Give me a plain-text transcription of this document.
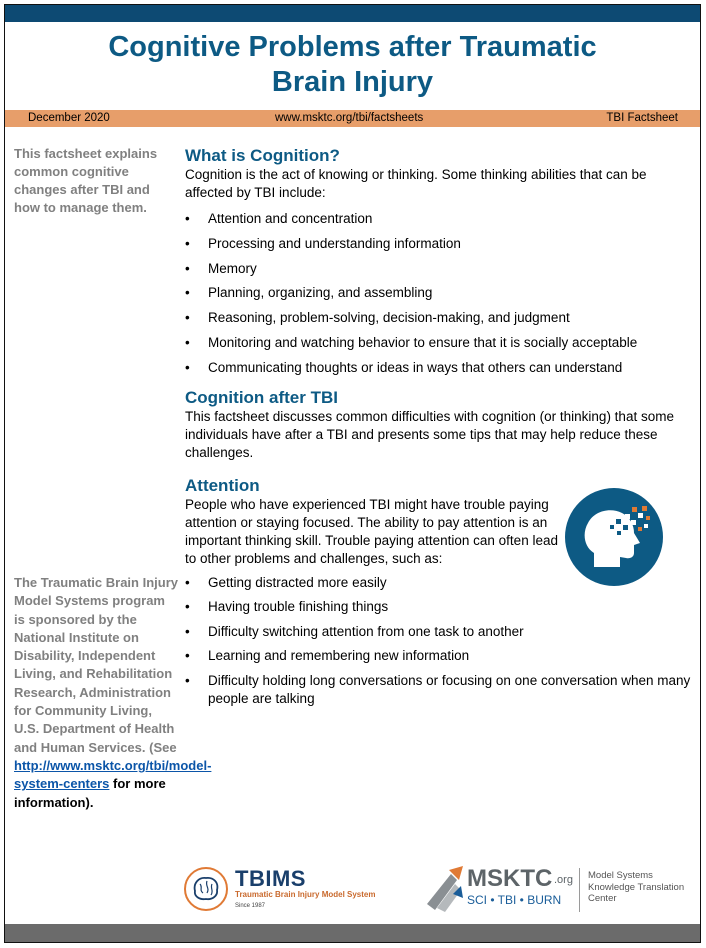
Cognitive Problems after Traumatic
Brain Injury
December 2020	www.msktc.org/tbi/factsheets	TBI Factsheet
This factsheet explains common cognitive changes after TBI and how to manage them.
The Traumatic Brain Injury Model Systems program is sponsored by the National Institute on Disability, Independent Living, and Rehabilitation Research, Administration for Community Living, U.S. Department of Health and Human Services. (See http://www.msktc.org/tbi/model-system-centers for more information).
What is Cognition?

Cognition is the act of knowing or thinking. Some thinking abilities that can be affected by TBI include:

• Attention and concentration
• Processing and understanding information
• Memory
• Planning, organizing, and assembling
• Reasoning, problem-solving, decision-making, and judgment
• Monitoring and watching behavior to ensure that it is socially acceptable
• Communicating thoughts or ideas in ways that others can understand
Cognition after TBI

This factsheet discusses common difficulties with cognition (or thinking) that some individuals have after a TBI and presents some tips that may help reduce these challenges.

Attention

People who have experienced TBI might have trouble paying attention or staying focused. The ability to pay attention is an important thinking skill. Trouble paying attention can often lead to other problems and challenges, such as:

• Getting distracted more easily
• Having trouble finishing things
• Difficulty switching attention from one task to another
• Learning and remembering new information
• Difficulty holding long conversations or focusing on one conversation when many people are talking
TBIMS
Traumatic Brain Injury Model System
Since 1987
MSKTC .org
SCI • TBI • BURN
Model Systems Knowledge Translation Center
